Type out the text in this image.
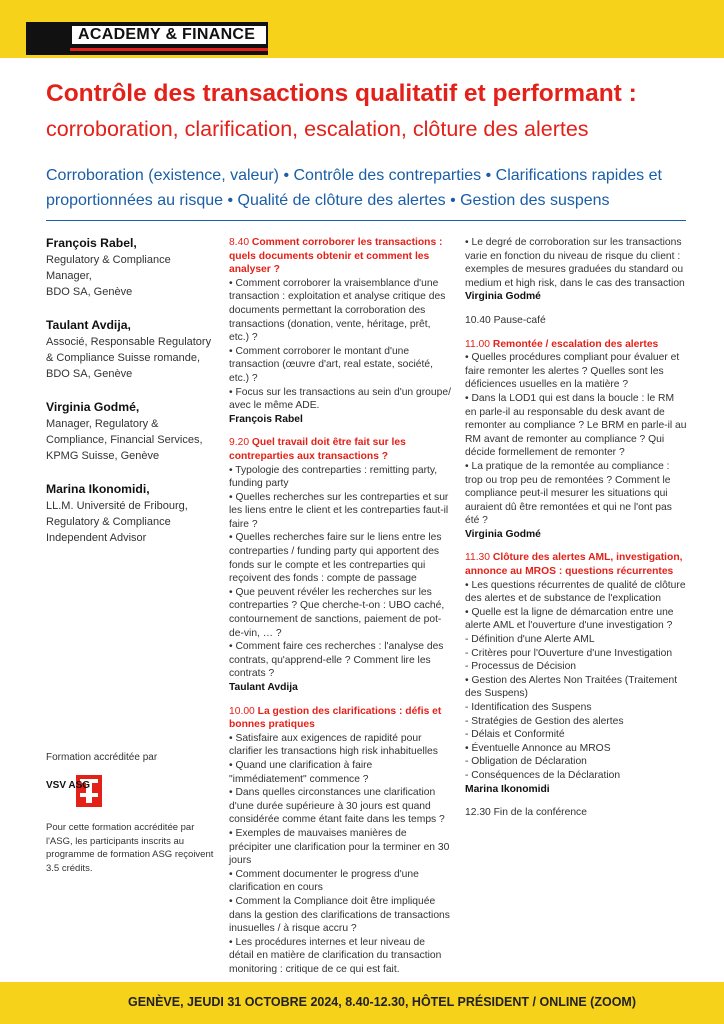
ACADEMY & FINANCE
Contrôle des transactions qualitatif et performant :
corroboration, clarification, escalation, clôture des alertes
Corroboration (existence, valeur) • Contrôle des contreparties • Clarifications rapides et proportionnées au risque • Qualité de clôture des alertes • Gestion des suspens
François Rabel,
Regulatory & Compliance
Manager,
BDO SA, Genève
Taulant Avdija,
Associé, Responsable Regulatory
& Compliance Suisse romande,
BDO SA, Genève
Virginia Godmé,
Manager, Regulatory &
Compliance, Financial Services,
KPMG Suisse, Genève
Marina Ikonomidi,
LL.M. Université de Fribourg,
Regulatory & Compliance
Independent Advisor
Formation accréditée par
VSV ASG
Pour cette formation accréditée par l'ASG, les participants inscrits au programme de formation ASG reçoivent 3.5 crédits.

8.40 Comment corroborer les transactions : quels documents obtenir et comment les analyser ?

• Comment corroborer la vraisemblance d'une transaction : exploitation et analyse critique des documents permettant la corroboration des transactions (donation, vente, héritage, prêt, etc.) ?

• Comment corroborer le montant d'une transaction (œuvre d'art, real estate, société, etc.) ?

• Focus sur les transactions au sein d'un groupe/ avec le même ADE.

François Rabel

9.20 Quel travail doit être fait sur les contreparties aux transactions ?

• Typologie des contreparties : remitting party, funding party

• Quelles recherches sur les contreparties et sur les liens entre le client et les contreparties faut-il faire ?

• Quelles recherches faire sur le liens entre les contreparties / funding party qui apportent des fonds sur le compte et les contreparties qui reçoivent des fonds : compte de passage

• Que peuvent révéler les recherches sur les contreparties ? Que cherche-t-on : UBO caché, contournement de sanctions, paiement de pot-de-vin, … ?

• Comment faire ces recherches : l'analyse des contrats, qu'apprend-elle ? Comment lire les contrats ?

Taulant Avdija

10.00 La gestion des clarifications : défis et bonnes pratiques

• Satisfaire aux exigences de rapidité pour clarifier les transactions high risk inhabituelles

• Quand une clarification à faire "immédiatement" commence ?

• Dans quelles circonstances une clarification d'une durée supérieure à 30 jours est quand considérée comme étant faite dans les temps ?

• Exemples de mauvaises manières de précipiter une clarification pour la terminer en 30 jours

• Comment documenter le progress d'une clarification en cours

• Comment la Compliance doit être impliquée dans la gestion des clarifications de transactions inusuelles / à risque accru ?

• Les procédures internes et leur niveau de détail en matière de clarification du transaction monitoring : critique de ce qui est fait.

• Le degré de corroboration sur les transactions varie en fonction du niveau de risque du client : exemples de mesures graduées du standard ou medium et high risk, dans le cas des transaction

Virginia Godmé

10.40 Pause-café

11.00 Remontée / escalation des alertes

• Quelles procédures compliant pour évaluer et faire remonter les alertes ? Quelles sont les déficiences usuelles en la matière ?

• Dans la LOD1 qui est dans la boucle : le RM en parle-il au responsable du desk avant de remonter au compliance ? Le BRM en parle-il au RM avant de remonter au compliance ? Qui décide formellement de remonter ?

• La pratique de la remontée au compliance : trop ou trop peu de remontées ? Comment le compliance peut-il mesurer les situations qui auraient dû être remontées et qui ne l'ont pas été ?

Virginia Godmé

11.30 Clôture des alertes AML, investigation, annonce au MROS : questions récurrentes

• Les questions récurrentes de qualité de clôture des alertes et de substance de l'explication

• Quelle est la ligne de démarcation entre une alerte AML et l'ouverture d'une investigation ?

- Définition d'une Alerte AML

- Critères pour l'Ouverture d'une Investigation

- Processus de Décision

• Gestion des Alertes Non Traitées (Traitement des Suspens)

- Identification des Suspens

- Stratégies de Gestion des alertes

- Délais et Conformité

• Éventuelle Annonce au MROS

- Obligation de Déclaration

- Conséquences de la Déclaration

Marina Ikonomidi

12.30 Fin de la conférence
GENÈVE, JEUDI 31 OCTOBRE 2024, 8.40-12.30, HÔTEL PRÉSIDENT / ONLINE (ZOOM)
